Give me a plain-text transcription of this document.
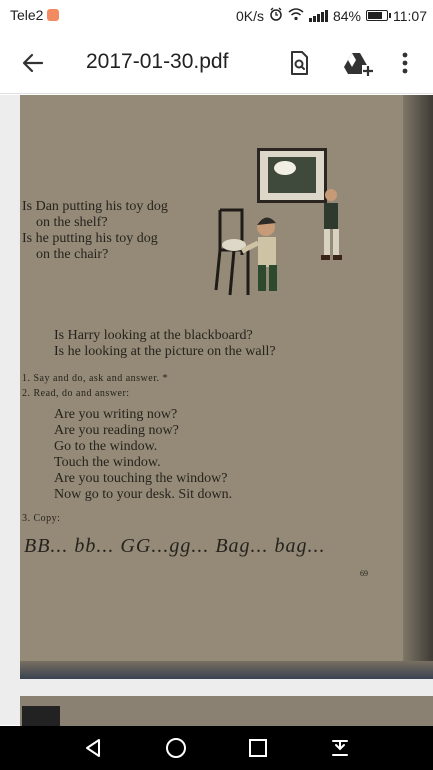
Tele2	0K/s	84% 11:07
2017-01-30.pdf
Is Dan putting his toy dog
on the shelf?
Is he putting his toy dog
on the chair?
Is Harry looking at the blackboard?
Is he looking at the picture on the wall?
1. Say and do, ask and answer. *
2. Read, do and answer:
Are you writing now?
Are you reading now?
Go to the window.
Touch the window.
Are you touching the window?
Now go to your desk. Sit down.
3. Copy:
BB... bb... GG...gg... Bag... bag...
69
